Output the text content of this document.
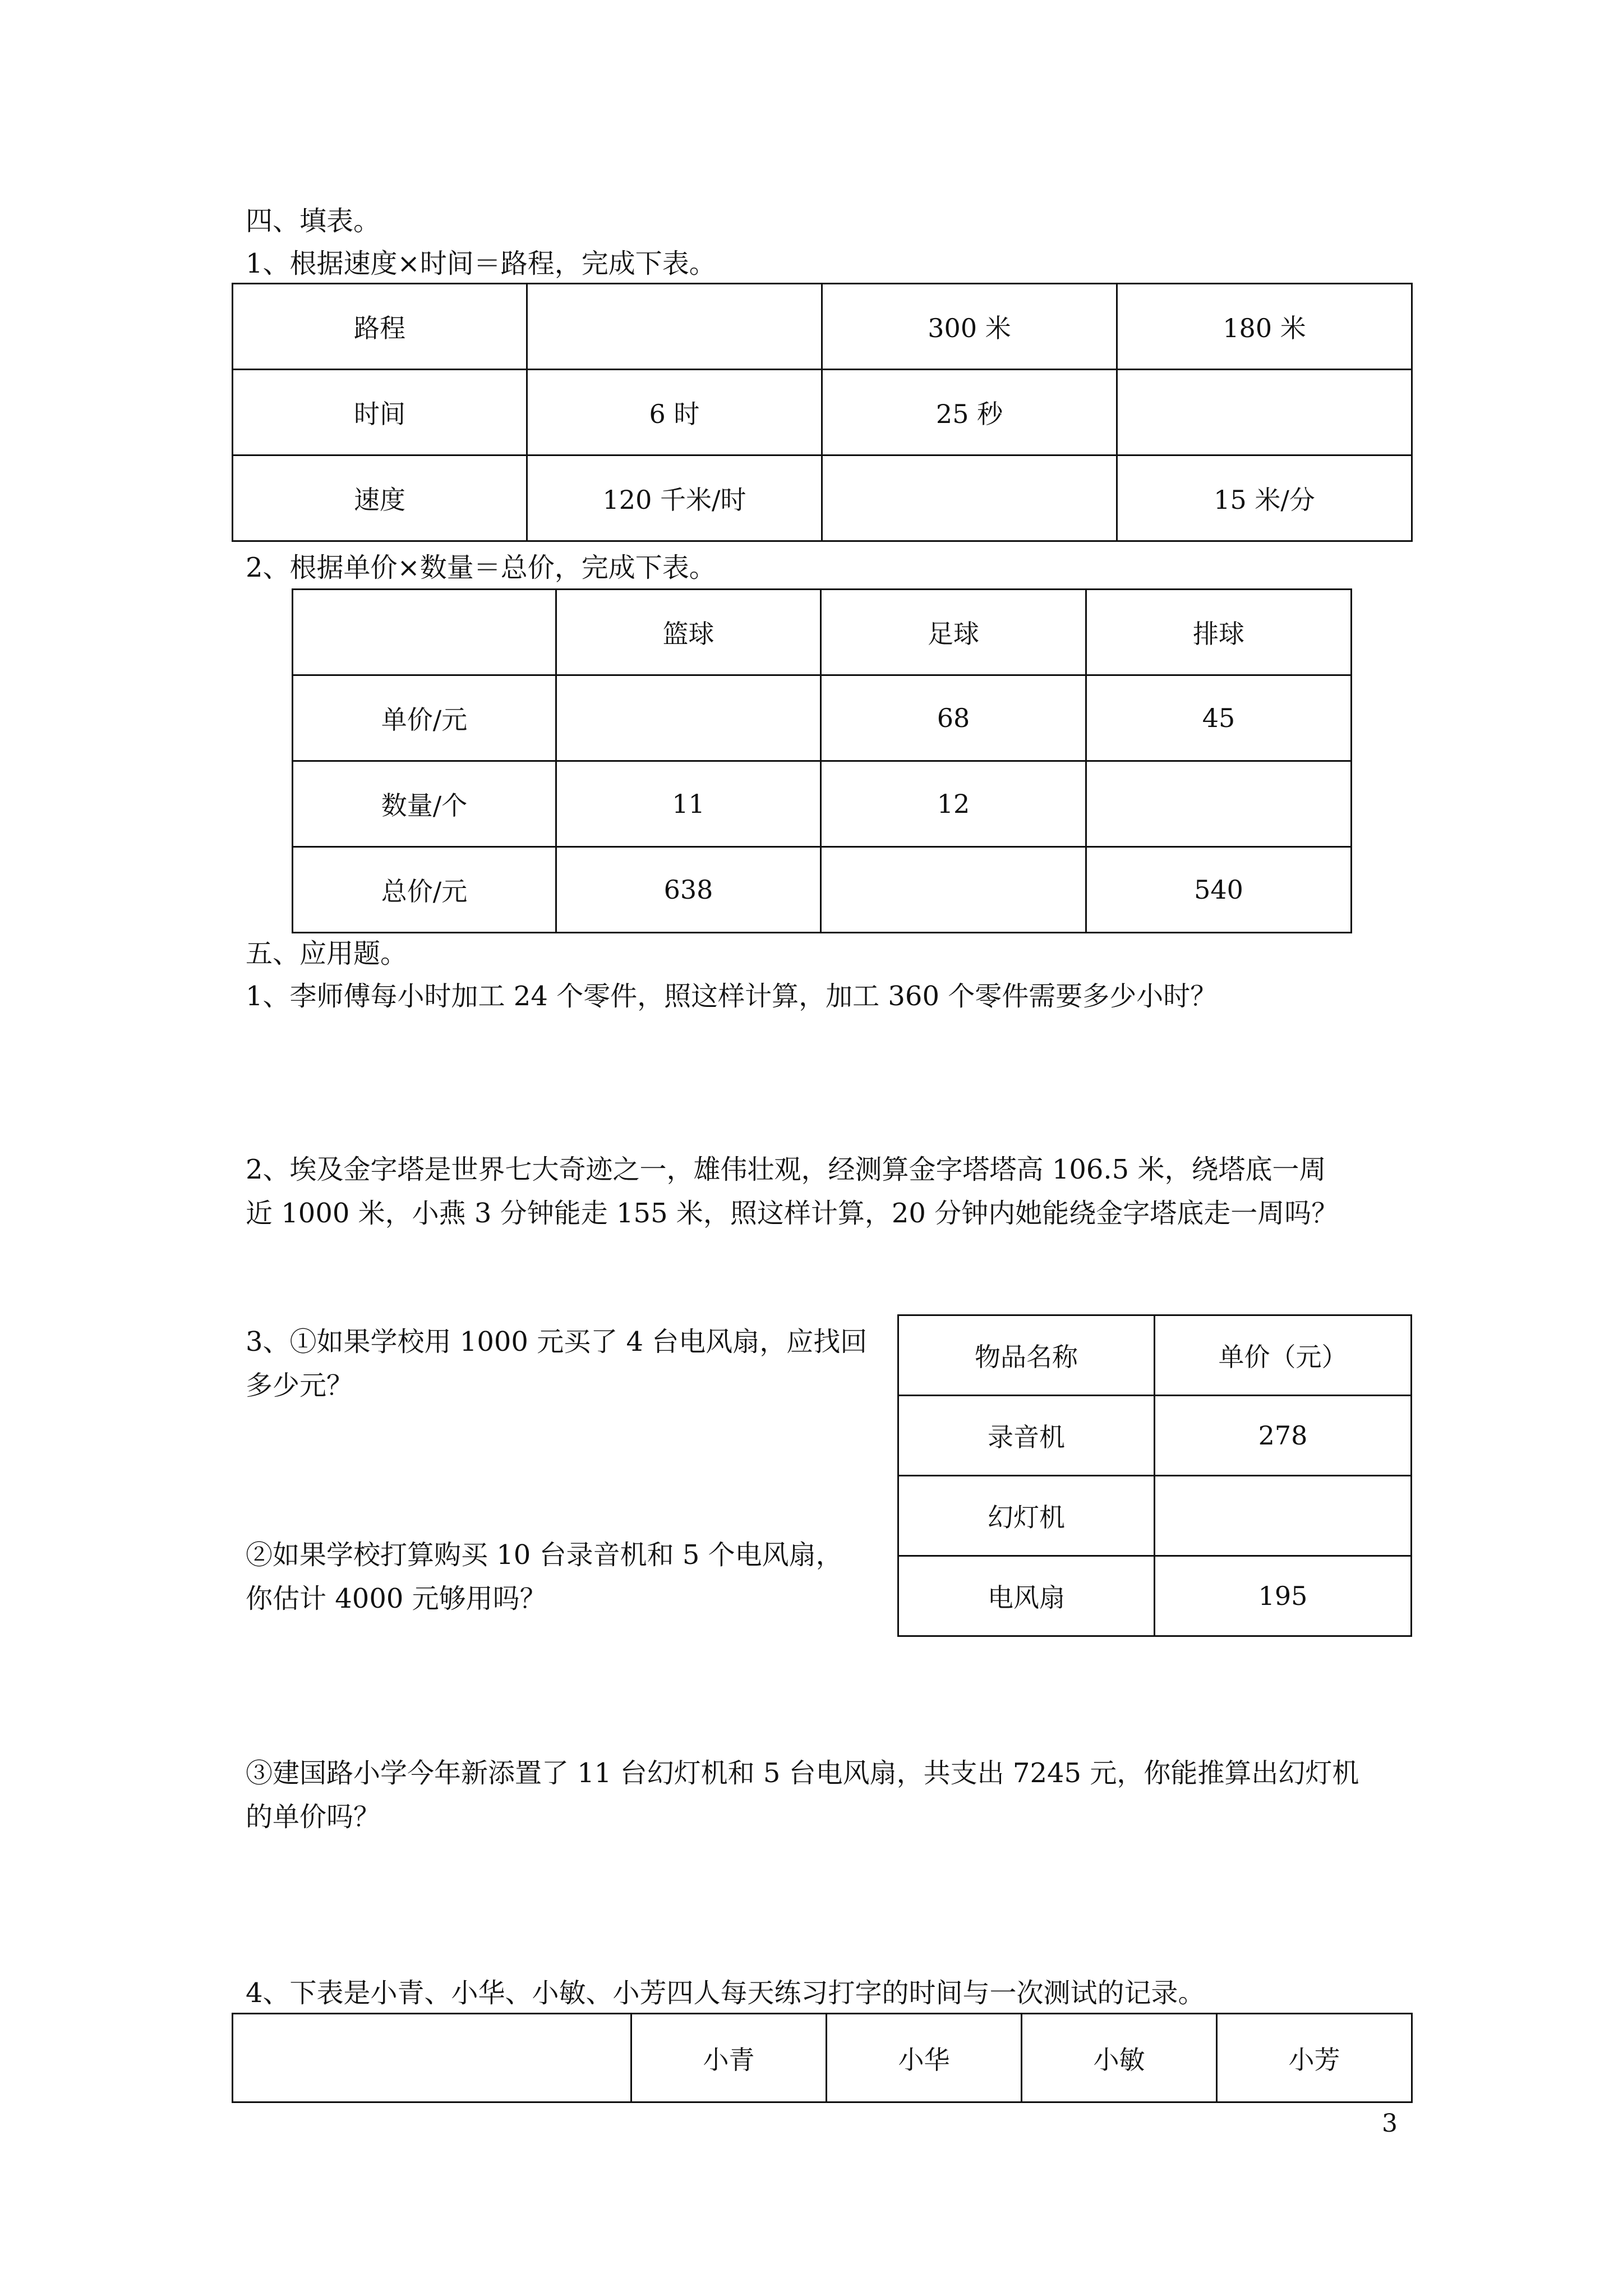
四、填表。

1、根据速度×时间＝路程，完成下表。

路程		300 米	180 米
时间	6 时	25 秒	
速度	120 千米/时		15 米/分

2、根据单价×数量＝总价，完成下表。

	篮球	足球	排球
单价/元		68	45
数量/个	11	12	
总价/元	638		540

五、应用题。

1、李师傅每小时加工 24 个零件，照这样计算，加工 360 个零件需要多少小时？

2、埃及金字塔是世界七大奇迹之一，雄伟壮观，经测算金字塔塔高 106.5 米，绕塔底一周

近 1000 米，小燕 3 分钟能走 155 米，照这样计算，20 分钟内她能绕金字塔底走一周吗？

3、①如果学校用 1000 元买了 4 台电风扇，应找回

多少元？

②如果学校打算购买 10 台录音机和 5 个电风扇，

你估计 4000 元够用吗？

物品名称	单价（元）
录音机	278
幻灯机	
电风扇	195

③建国路小学今年新添置了 11 台幻灯机和 5 台电风扇，共支出 7245 元，你能推算出幻灯机

的单价吗？

4、下表是小青、小华、小敏、小芳四人每天练习打字的时间与一次测试的记录。

	小青	小华	小敏	小芳
3
